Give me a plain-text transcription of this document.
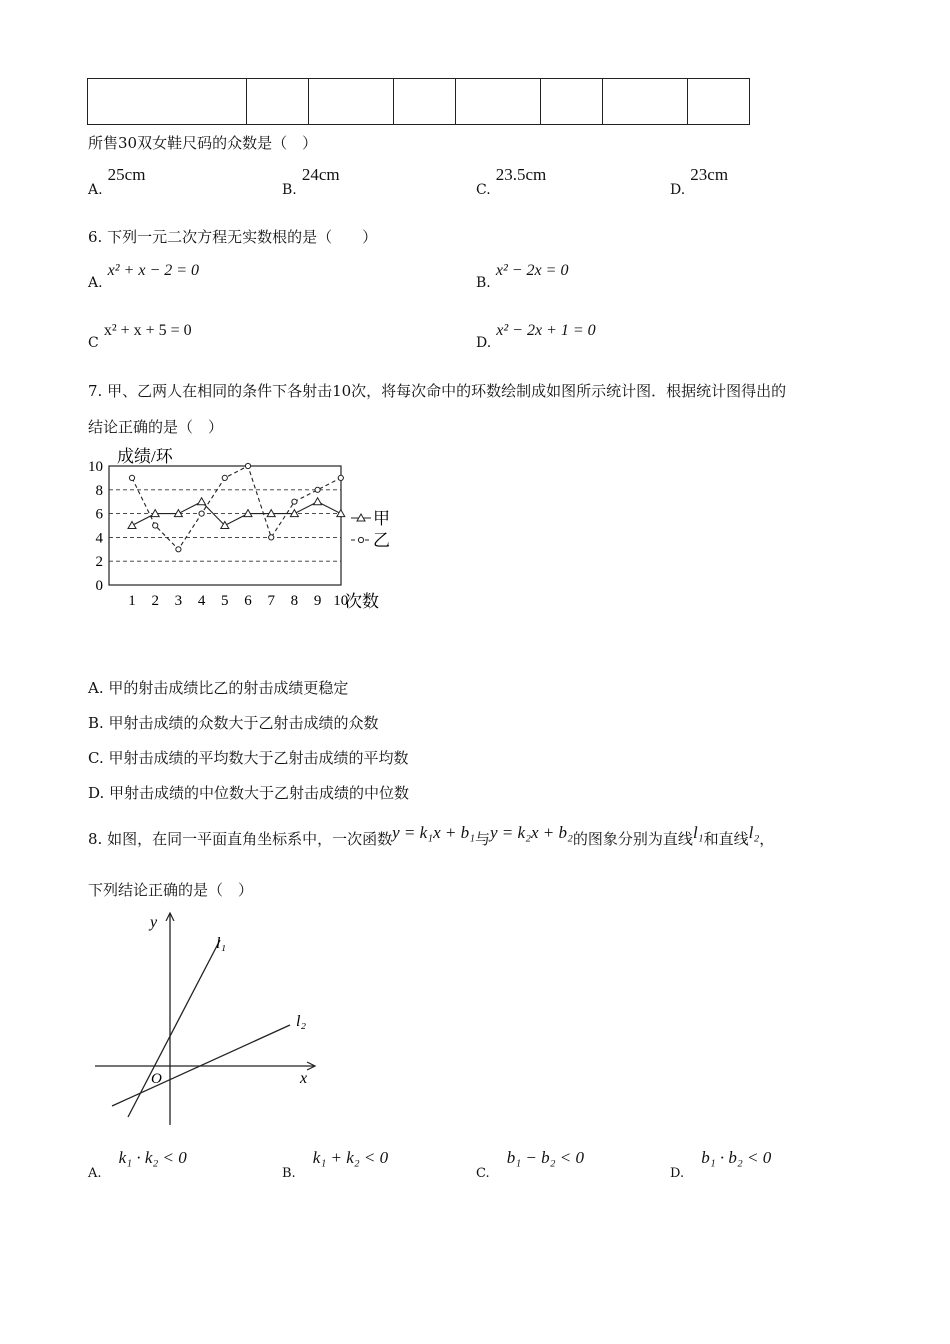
所售30双女鞋尺码的众数是（　）
A. 25cm
B. 24cm
C. 23.5cm
D. 23cm
6. 下列一元二次方程无实数根的是（　　）
A. x² + x − 2 = 0
B. x² − 2x = 0
C x² + x + 5 = 0
D. x² − 2x + 1 = 0
7. 甲、乙两人在相同的条件下各射击10次，将每次命中的环数绘制成如图所示统计图．根据统计图得出的
结论正确的是（　）
0
2
4
6
8
10
1 2 3 4 5 6 7 8 9 10
成绩/环
次数
甲
乙
A. 甲的射击成绩比乙的射击成绩更稳定
B. 甲射击成绩的众数大于乙射击成绩的众数
C. 甲射击成绩的平均数大于乙射击成绩的平均数
D. 甲射击成绩的中位数大于乙射击成绩的中位数
8. 如图，在同一平面直角坐标系中，一次函数y = k₁x + b₁与y = k₂x + b₂的图象分别为直线l₁和直线l₂，
下列结论正确的是（　）
y
x
O
l₁
l₂
$_{A.}$ k₁ · k₂ < 0
$_{B.}$ k₁ + k₂ < 0
$_{C.}$ b₁ − b₂ < 0
$_{D.}$ b₁ · b₂ < 0
